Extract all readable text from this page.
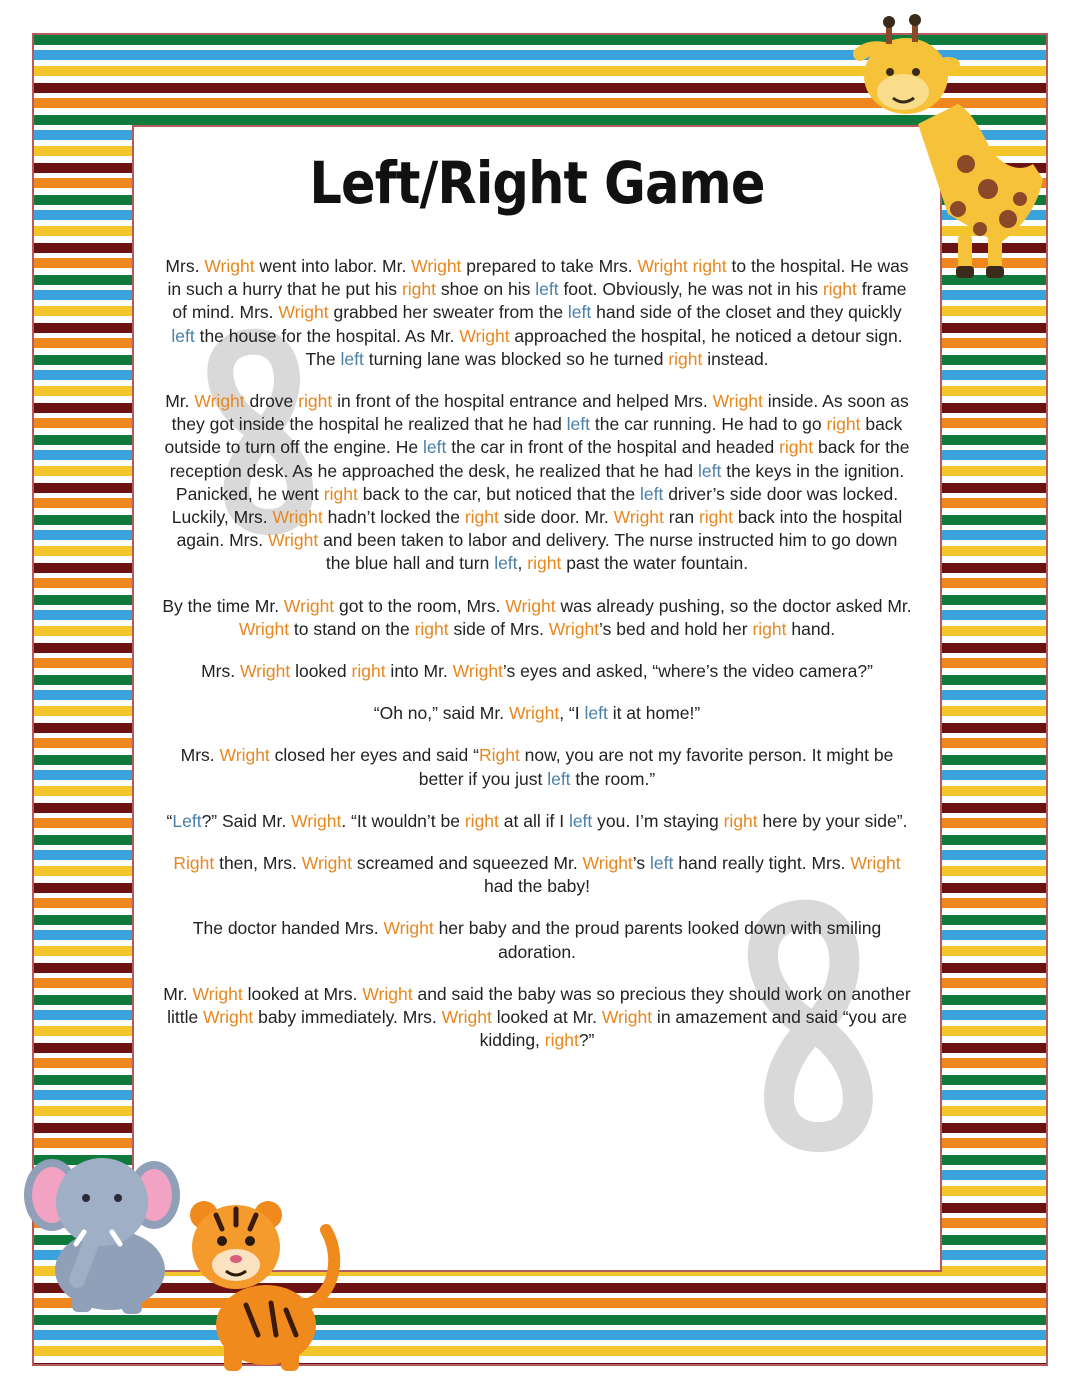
Left/Right Game

Mrs. Wright went into labor. Mr. Wright prepared to take Mrs. Wright right to the hospital. He was in such a hurry that he put his right shoe on his left foot. Obviously, he was not in his right frame of mind. Mrs. Wright grabbed her sweater from the left hand side of the closet and they quickly left the house for the hospital. As Mr. Wright approached the hospital, he noticed a detour sign. The left turning lane was blocked so he turned right instead.

Mr. Wright drove right in front of the hospital entrance and helped Mrs. Wright inside. As soon as they got inside the hospital he realized that he had left the car running. He had to go right back outside to turn off the engine. He left the car in front of the hospital and headed right back for the reception desk. As he approached the desk, he realized that he had left the keys in the ignition. Panicked, he went right back to the car, but noticed that the left driver’s side door was locked. Luckily, Mrs. Wright hadn’t locked the right side door. Mr. Wright ran right back into the hospital again. Mrs. Wright and been taken to labor and delivery. The nurse instructed him to go down the blue hall and turn left, right past the water fountain.

By the time Mr. Wright got to the room, Mrs. Wright was already pushing, so the doctor asked Mr. Wright to stand on the right side of Mrs. Wright’s bed and hold her right hand.

Mrs. Wright looked right into Mr. Wright’s eyes and asked, “where’s the video camera?”

“Oh no,” said Mr. Wright, “I left it at home!”

Mrs. Wright closed her eyes and said “Right now, you are not my favorite person. It might be better if you just left the room.”

“Left?” Said Mr. Wright. “It wouldn’t be right at all if I left you. I’m staying right here by your side”.

Right then, Mrs. Wright screamed and squeezed Mr. Wright’s left hand really tight. Mrs. Wright had the baby!

The doctor handed Mrs. Wright her baby and the proud parents looked down with smiling adoration.

Mr. Wright looked at Mrs. Wright and said the baby was so precious they should work on another little Wright baby immediately. Mrs. Wright looked at Mr. Wright in amazement and said “you are kidding, right?”
